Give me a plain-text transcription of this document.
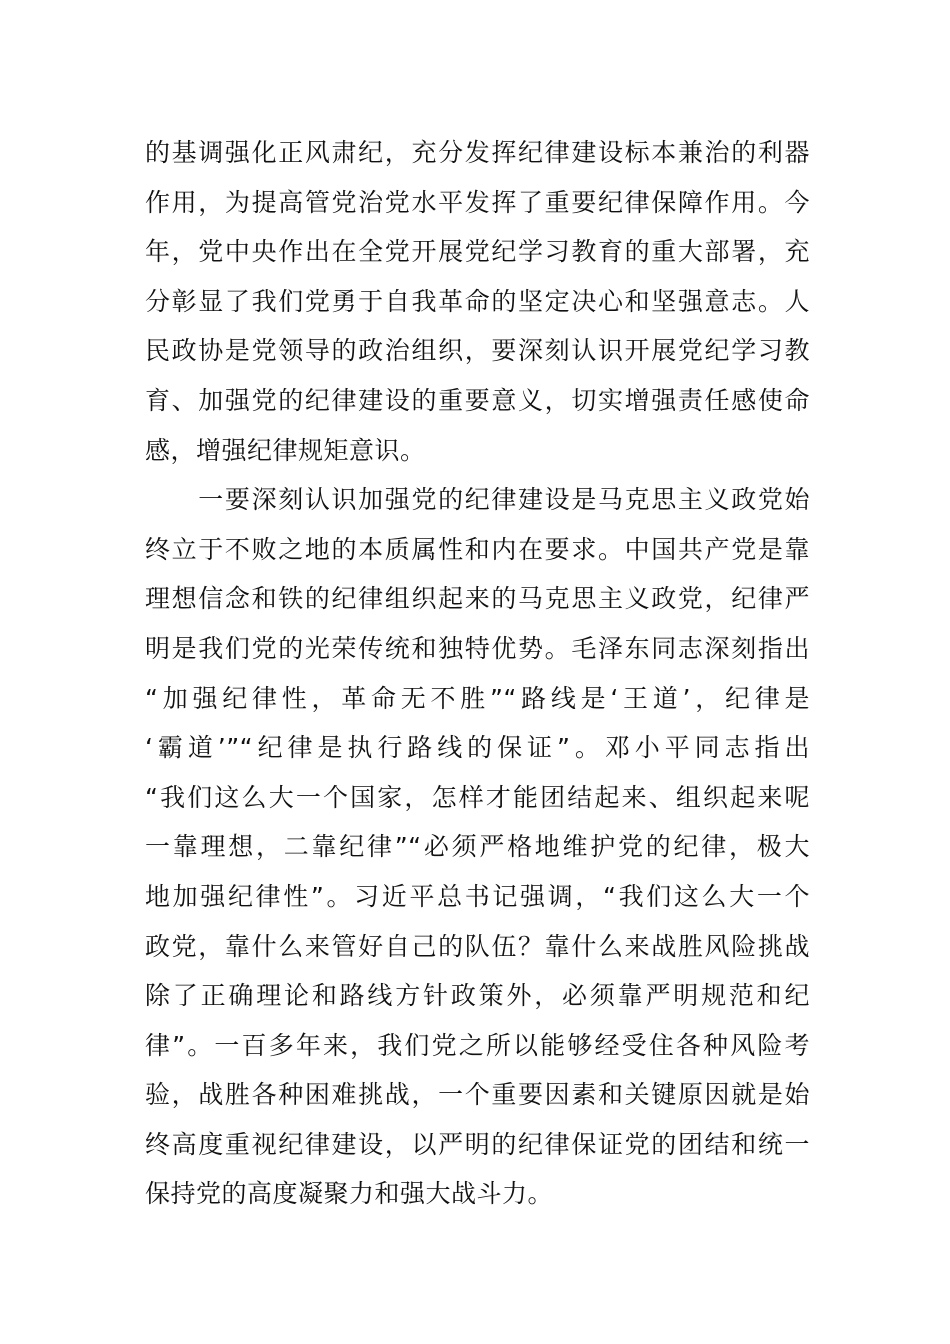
的基调强化正风肃纪，充分发挥纪律建设标本兼治的利器
作用，为提高管党治党水平发挥了重要纪律保障作用。今
年，党中央作出在全党开展党纪学习教育的重大部署，充
分彰显了我们党勇于自我革命的坚定决心和坚强意志。人
民政协是党领导的政治组织，要深刻认识开展党纪学习教
育、加强党的纪律建设的重要意义，切实增强责任感使命
感，增强纪律规矩意识。
　　一要深刻认识加强党的纪律建设是马克思主义政党始
终立于不败之地的本质属性和内在要求。中国共产党是靠
理想信念和铁的纪律组织起来的马克思主义政党，纪律严
明是我们党的光荣传统和独特优势。毛泽东同志深刻指出
“加强纪律性，革命无不胜”“路线是‘王道’，纪律是
‘霸道’”“纪律是执行路线的保证”。邓小平同志指出
“我们这么大一个国家，怎样才能团结起来、组织起来呢
一靠理想，二靠纪律”“必须严格地维护党的纪律，极大
地加强纪律性”。习近平总书记强调，“我们这么大一个
政党，靠什么来管好自己的队伍？靠什么来战胜风险挑战
除了正确理论和路线方针政策外，必须靠严明规范和纪
律”。一百多年来，我们党之所以能够经受住各种风险考
验，战胜各种困难挑战，一个重要因素和关键原因就是始
终高度重视纪律建设，以严明的纪律保证党的团结和统一
保持党的高度凝聚力和强大战斗力。
